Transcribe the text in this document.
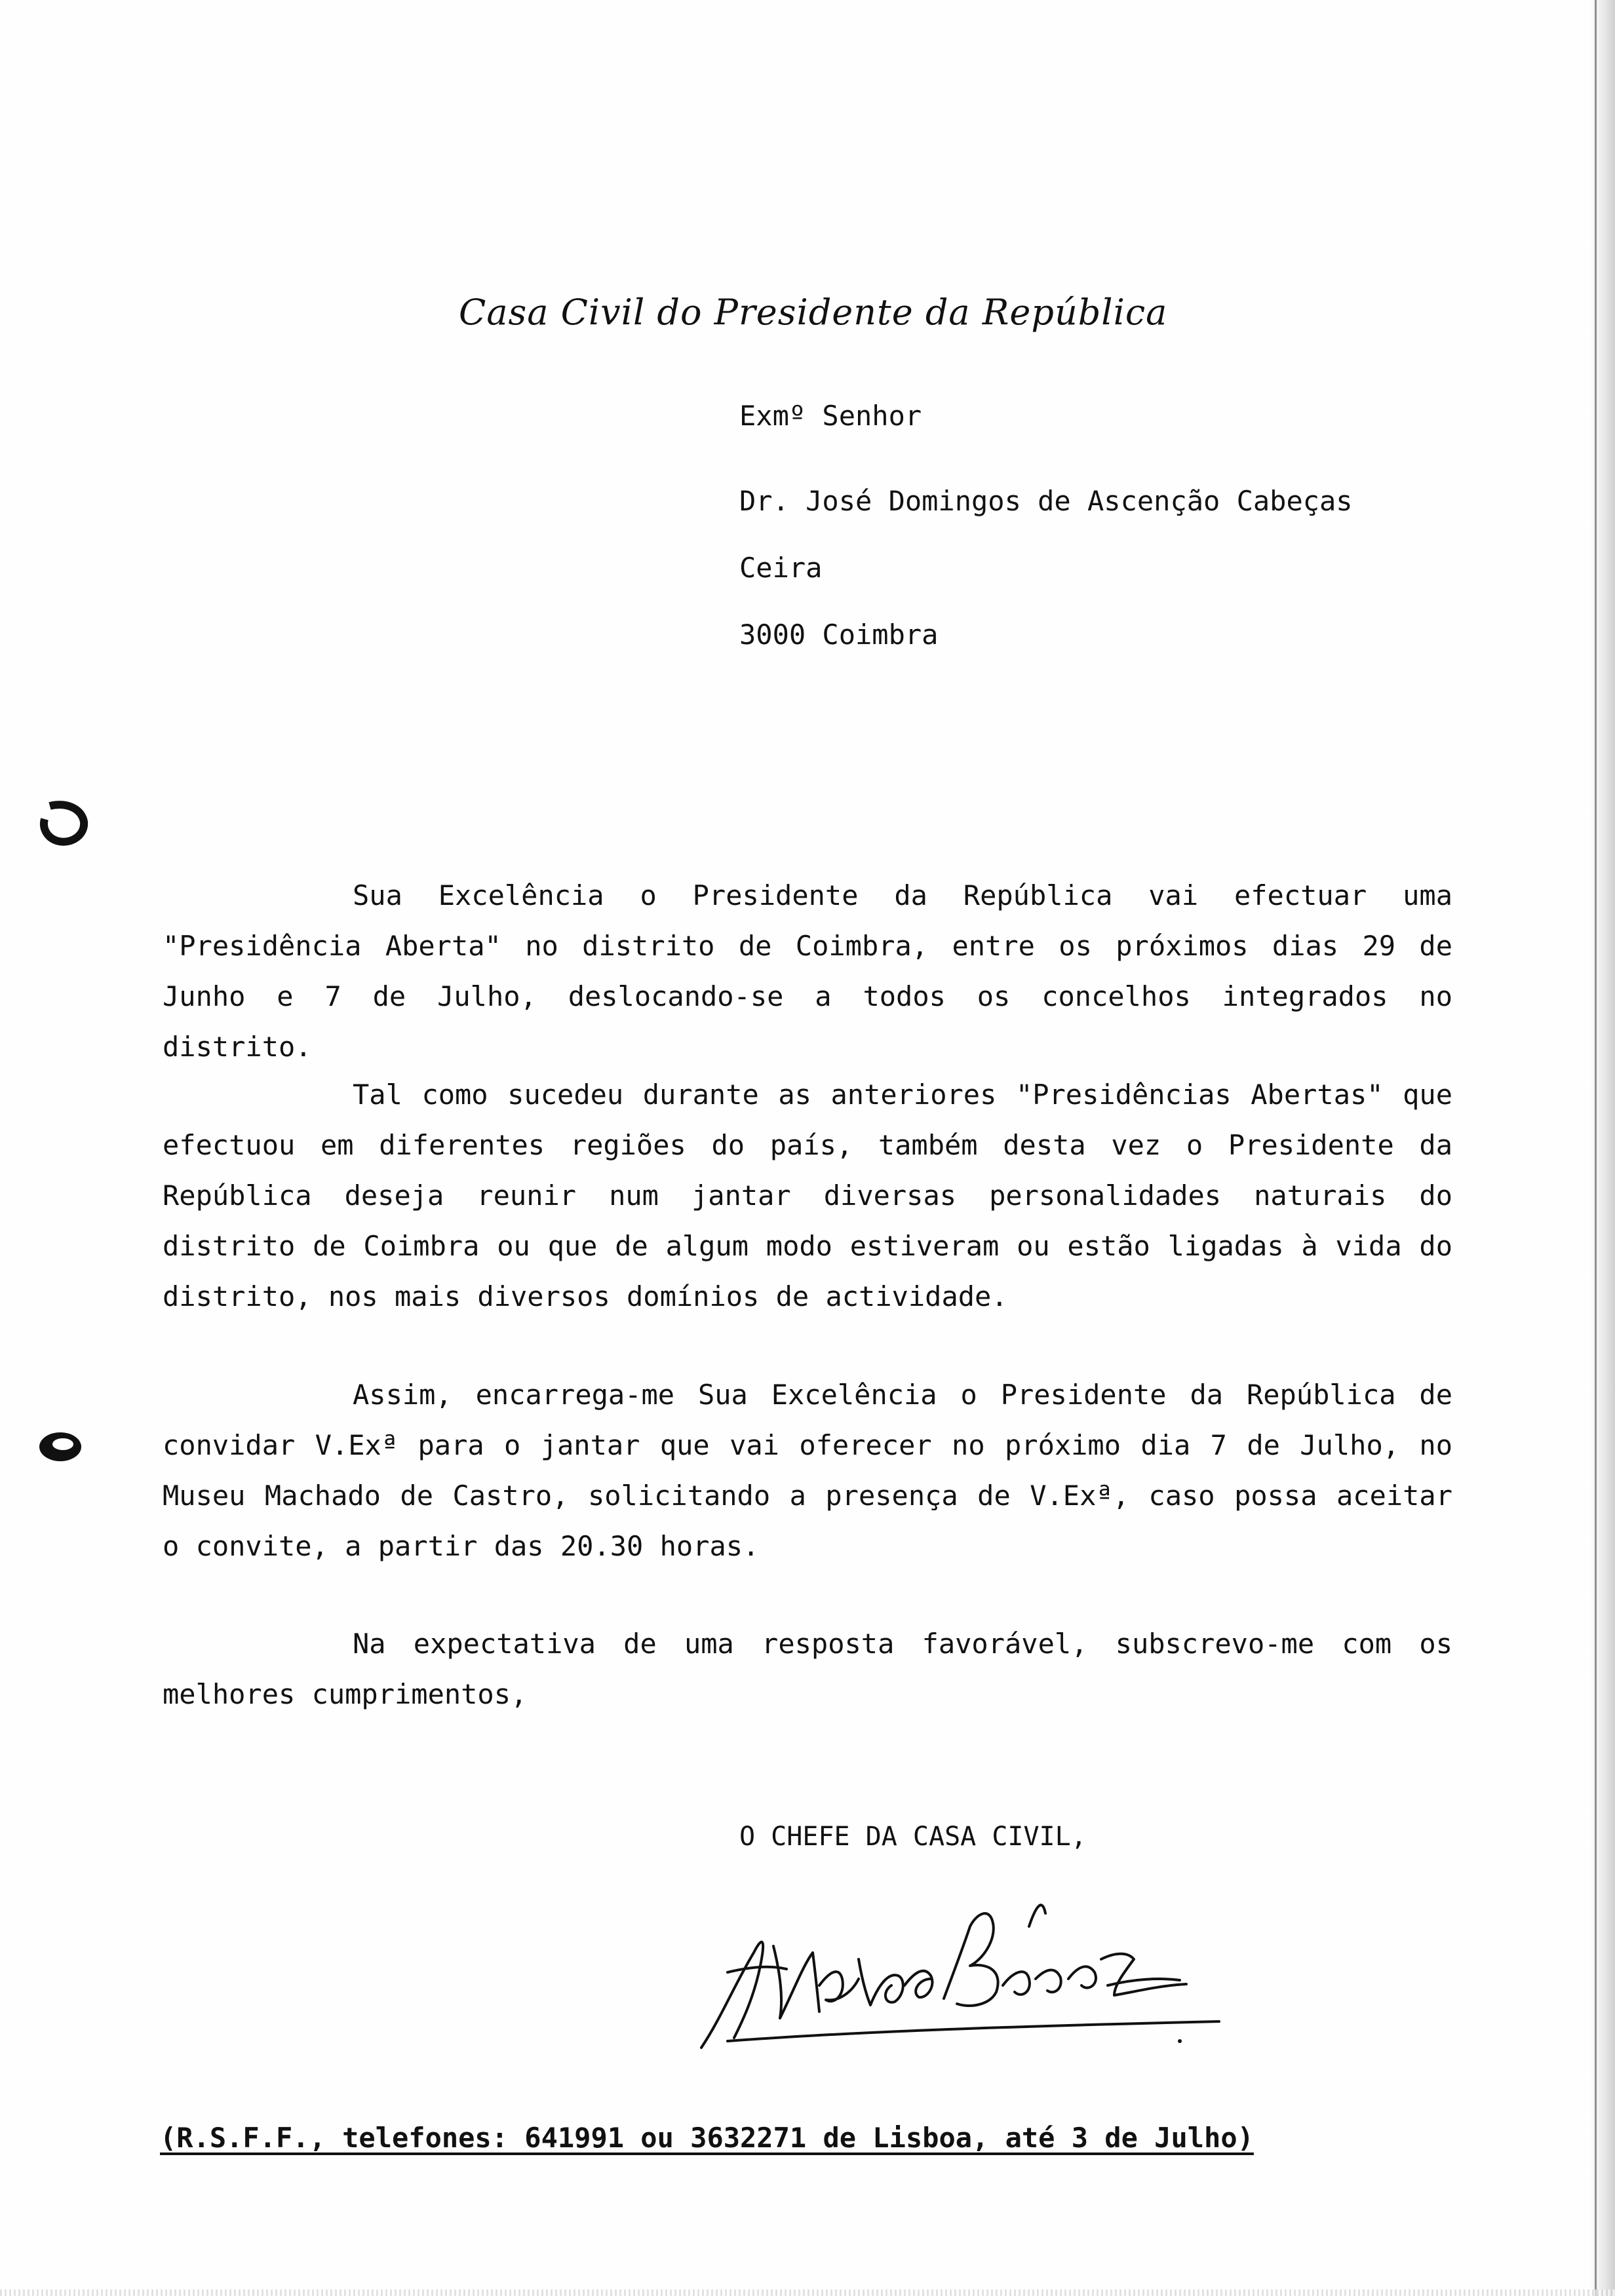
Casa Civil do Presidente da República
Exmº Senhor
Dr. José Domingos de Ascenção Cabeças
Ceira
3000 Coimbra
Sua Excelência o Presidente da República vai efectuar uma "Presidência Aberta" no distrito de Coimbra, entre os próximos dias 29 de Junho e 7 de Julho, deslocando-se a todos os concelhos integrados no distrito.
Tal como sucedeu durante as anteriores "Presidências Abertas" que efectuou em diferentes regiões do país, também desta vez o Presidente da República deseja reunir num jantar diversas personalidades naturais do distrito de Coimbra ou que de algum modo estiveram ou estão ligadas à vida do distrito, nos mais diversos domínios de actividade.
Assim, encarrega-me Sua Excelência o Presidente da República de convidar V.Exª para o jantar que vai oferecer no próximo dia 7 de Julho, no Museu Machado de Castro, solicitando a presença de V.Exª, caso possa aceitar o convite, a partir das 20.30 horas.
Na expectativa de uma resposta favorável, subscrevo-me com os melhores cumprimentos,
O CHEFE DA CASA CIVIL,
(R.S.F.F., telefones: 641991 ou 3632271 de Lisboa, até 3 de Julho)
